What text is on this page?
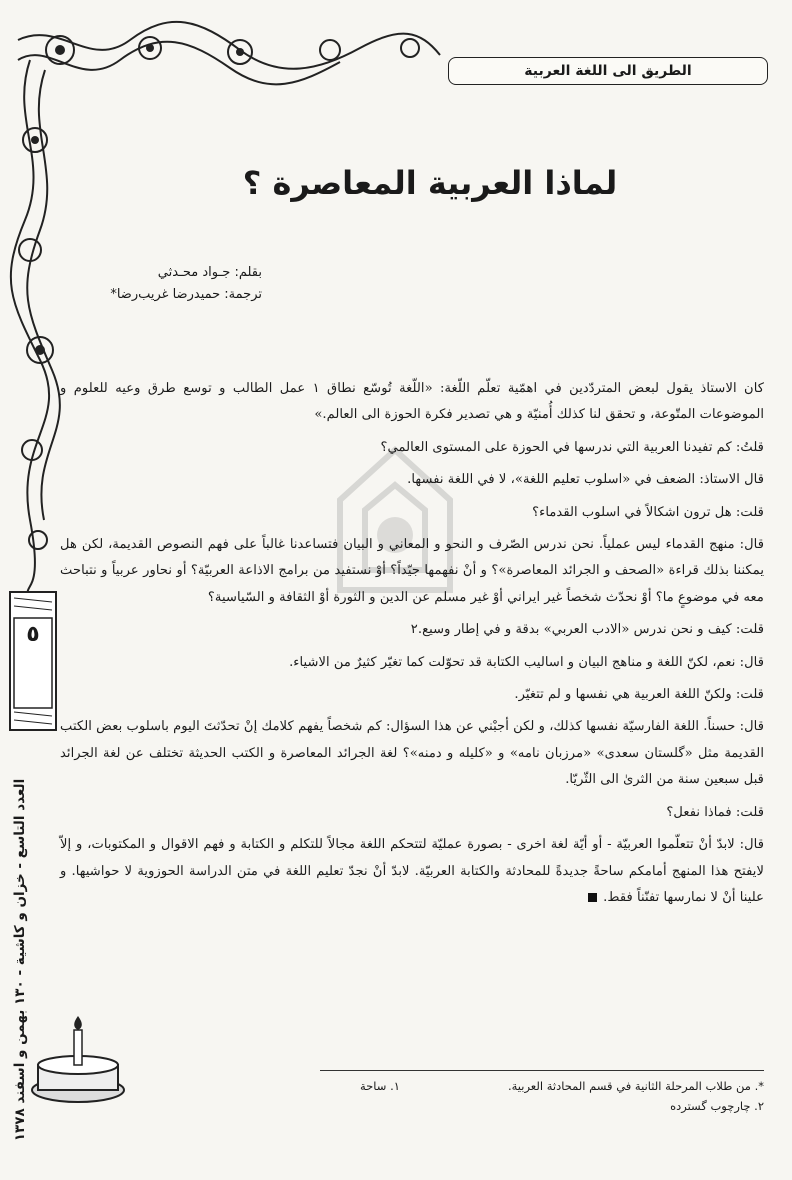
الطريق الى اللغة العربية
لماذا العربية المعاصرة ؟
بقلم: جـواد محـدثي
ترجمة: حميدرضا غريب‌رضا*

كان الاستاذ يقول لبعض المتردّدين في اهمّية تعلّم اللّغة: «اللّغة تُوسّع نطاق ١ عمل الطالب و توسع طرق وعيه للعلوم و الموضوعات المتّوعة، و تحقق لنا كذلك أُمنيّة و هي تصدير فكرة الحوزة الى العالم.»

قلتُ: كم تفيدنا العربية التي ندرسها في الحوزة على المستوى العالمي؟

قال الاستاذ: الضعف في «اسلوب تعليم اللغة»، لا في اللغة نفسها.

قلت: هل ترون اشكالاً في اسلوب القدماء؟

قال: منهج القدماء ليس عملياً. نحن ندرس الصّرف و النحو و المعاني و البيان فتساعدنا غالباً على فهم النصوص القديمة، لكن هل يمكننا بذلك قراءة «الصحف و الجرائد المعاصرة»؟ و أنْ نفهمها جيّداً؟ أوْ نستفيد من برامج الاذاعة العربيّة؟ أو نحاور عربياً و نتباحث معه في موضوعٍ ما؟ أوْ نحدّث شخصاً غير ايراني أوْ غير مسلم عن الدين و الثورة أوْ الثقافة و السّياسية؟

قلت: كيف و نحن ندرس «الادب العربي» بدقة و في إطار وسيع.٢

قال: نعم، لكنّ اللغة و مناهج البيان و اساليب الكتابة قد تحوّلت كما تغيّر كثيرٌ من الاشياء.

قلت: ولكنّ اللغة العربية هي نفسها و لم تتغيّر.

قال: حسناً. اللغة الفارسيّة نفسها كذلك، و لكن أجبْني عن هذا السؤال: كم شخصاً يفهم كلامك إنْ تحدّثتَ اليوم باسلوب بعض الكتب القديمة مثل «گلستان سعدى» «مرزبان نامه» و «كليله و دمنه»؟ لغة الجرائد المعاصرة و الكتب الحديثة تختلف عن لغة الجرائد قبل سبعين سنة من الثرىٰ الى الثّريّا.

قلت: فماذا نفعل؟

قال: لابدّ أنْ تتعلّموا العربيّة - أو أيّة لغة اخرى - بصورة عمليّة لتتحكم اللغة مجالاً للتكلم و الكتابة و فهم الاقوال و المكتوبات، و إلاّ لايفتح هذا المنهج أمامكم ساحةً جديدةً للمحادثة والكتابة العربيّة. لابدّ أنْ نجدّ تعليم اللغة في متن الدراسة الحوزوية لا حواشيها. و علينا أنْ لا نمارسها تفنّناً فقط.

٥
العدد التاسع - خزان و كاشية - ١٣٠ بهمن و اسفند ١٣٧٨
*. من طلاب المرحلة الثانية في قسم المحادثة العربية.
١. ساحة
٢. چارچوب گسترده
